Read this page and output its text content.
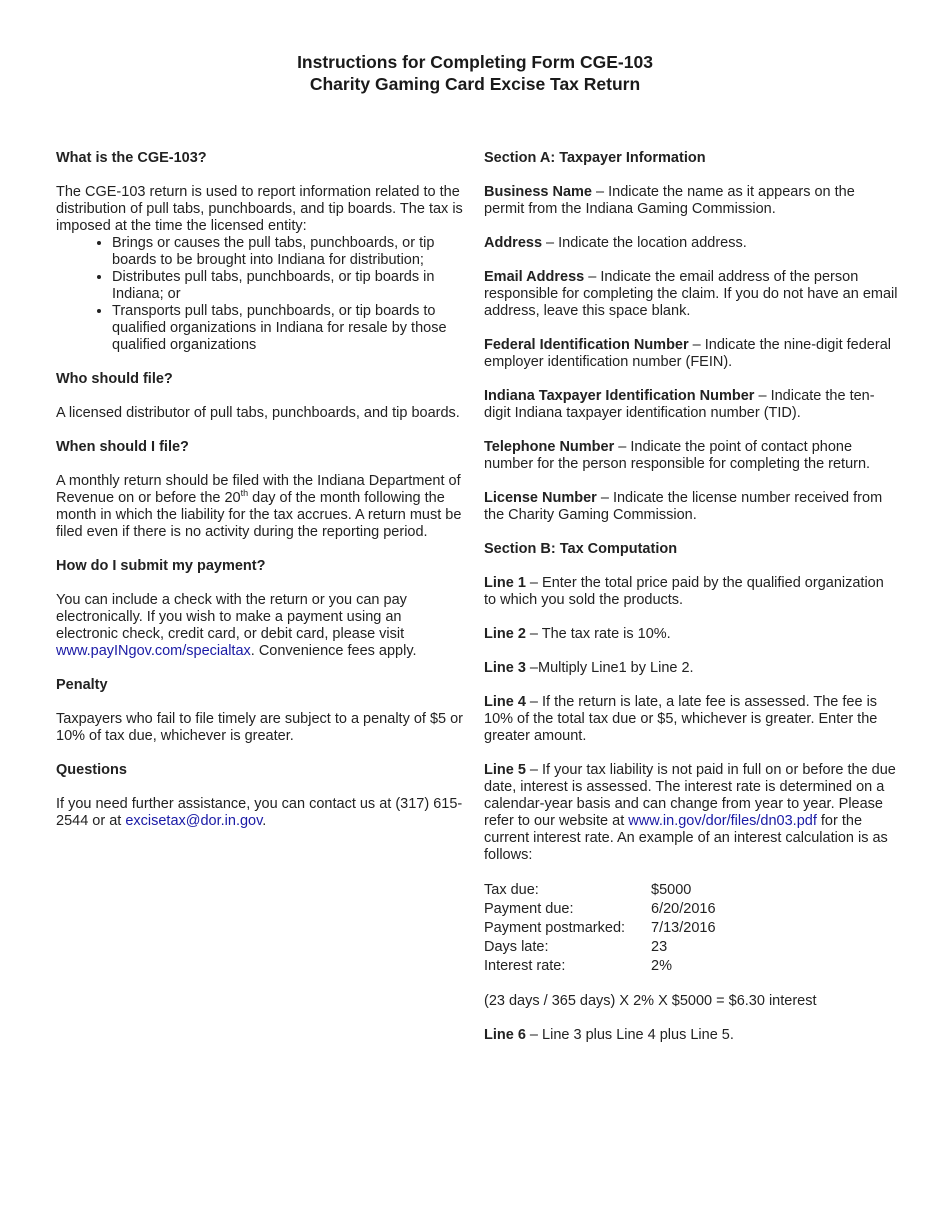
Instructions for Completing Form CGE-103
Charity Gaming Card Excise Tax Return
What is the CGE-103?

The CGE-103 return is used to report information related to the distribution of pull tabs, punchboards, and tip boards. The tax is imposed at the time the licensed entity:

• Brings or causes the pull tabs, punchboards, or tip boards to be brought into Indiana for distribution;
• Distributes pull tabs, punchboards, or tip boards in Indiana; or
• Transports pull tabs, punchboards, or tip boards to qualified organizations in Indiana for resale by those qualified organizations
Who should file?

A licensed distributor of pull tabs, punchboards, and tip boards.

When should I file?

A monthly return should be filed with the Indiana Department of Revenue on or before the 20th day of the month following the month in which the liability for the tax accrues. A return must be filed even if there is no activity during the reporting period.

How do I submit my payment?

You can include a check with the return or you can pay electronically. If you wish to make a payment using an electronic check, credit card, or debit card, please visit www.payINgov.com/specialtax. Convenience fees apply.

Penalty

Taxpayers who fail to file timely are subject to a penalty of $5 or 10% of tax due, whichever is greater.

Questions

If you need further assistance, you can contact us at (317) 615-2544 or at excisetax@dor.in.gov.

Section A: Taxpayer Information

Business Name – Indicate the name as it appears on the permit from the Indiana Gaming Commission.

Address – Indicate the location address.

Email Address – Indicate the email address of the person responsible for completing the claim. If you do not have an email address, leave this space blank.

Federal Identification Number – Indicate the nine-digit federal employer identification number (FEIN).

Indiana Taxpayer Identification Number – Indicate the ten-digit Indiana taxpayer identification number (TID).

Telephone Number – Indicate the point of contact phone number for the person responsible for completing the return.

License Number – Indicate the license number received from the Charity Gaming Commission.

Section B: Tax Computation

Line 1 – Enter the total price paid by the qualified organization to which you sold the products.

Line 2 – The tax rate is 10%.

Line 3 –Multiply Line1 by Line 2.

Line 4 – If the return is late, a late fee is assessed. The fee is 10% of the total tax due or $5, whichever is greater. Enter the greater amount.

Line 5 – If your tax liability is not paid in full on or before the due date, interest is assessed. The interest rate is determined on a calendar-year basis and can change from year to year. Please refer to our website at www.in.gov/dor/files/dn03.pdf for the current interest rate. An example of an interest calculation is as follows:

Tax due:	$5000
Payment due:	6/20/2016
Payment postmarked:	7/13/2016
Days late:	23
Interest rate:	2%

(23 days / 365 days) X 2% X $5000 = $6.30 interest

Line 6 – Line 3 plus Line 4 plus Line 5.
